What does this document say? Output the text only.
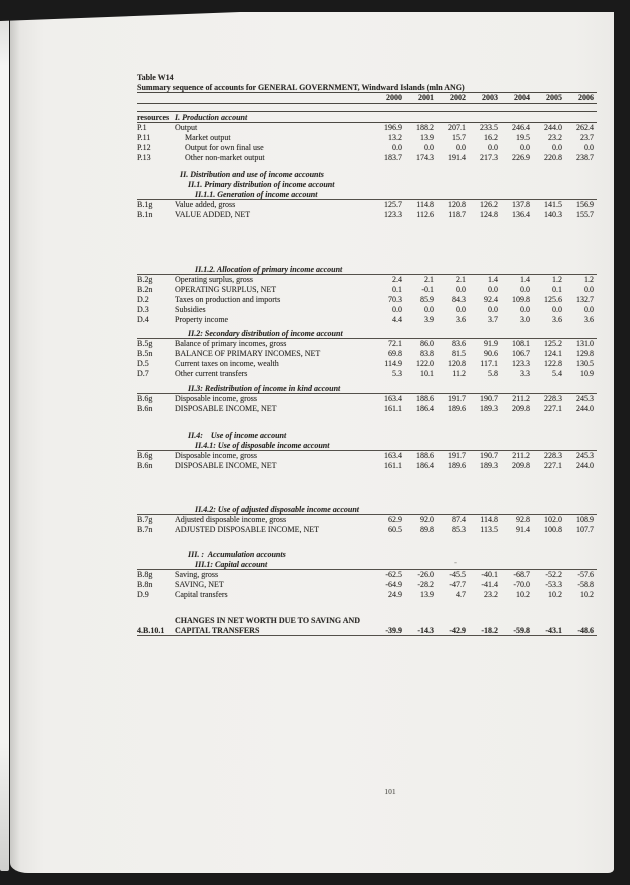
Table W14
Summary sequence of accounts for GENERAL GOVERNMENT, Windward Islands (mln ANG)
2000	2001	2002	2003	2004	2005	2006
resources I. Production account
P.1	Output	196.9	188.2	207.1	233.5	246.4	244.0	262.4
P.11	Market output	13.2	13.9	15.7	16.2	19.5	23.2	23.7
P.12	Output for own final use	0.0	0.0	0.0	0.0	0.0	0.0	0.0
P.13	Other non-market output	183.7	174.3	191.4	217.3	226.9	220.8	238.7
II. Distribution and use of income accounts
II.1. Primary distribution of income account
II.1.1. Generation of income account
B.1g	Value added, gross	125.7	114.8	120.8	126.2	137.8	141.5	156.9
B.1n	VALUE ADDED, NET	123.3	112.6	118.7	124.8	136.4	140.3	155.7
II.1.2. Allocation of primary income account
B.2g	Operating surplus, gross	2.4	2.1	2.1	1.4	1.4	1.2	1.2
B.2n	OPERATING SURPLUS, NET	0.1	-0.1	0.0	0.0	0.0	0.1	0.0
D.2	Taxes on production and imports	70.3	85.9	84.3	92.4	109.8	125.6	132.7
D.3	Subsidies	0.0	0.0	0.0	0.0	0.0	0.0	0.0
D.4	Property income	4.4	3.9	3.6	3.7	3.0	3.6	3.6
II.2: Secondary distribution of income account
B.5g	Balance of primary incomes, gross	72.1	86.0	83.6	91.9	108.1	125.2	131.0
B.5n	BALANCE OF PRIMARY INCOMES, NET	69.8	83.8	81.5	90.6	106.7	124.1	129.8
D.5	Current taxes on income, wealth	114.9	122.0	120.8	117.1	123.3	122.8	130.5
D.7	Other current transfers	5.3	10.1	11.2	5.8	3.3	5.4	10.9
II.3: Redistribution of income in kind account
B.6g	Disposable income, gross	163.4	188.6	191.7	190.7	211.2	228.3	245.3
B.6n	DISPOSABLE INCOME, NET	161.1	186.4	189.6	189.3	209.8	227.1	244.0
II.4:    Use of income account
II.4.1: Use of disposable income account
B.6g	Disposable income, gross	163.4	188.6	191.7	190.7	211.2	228.3	245.3
B.6n	DISPOSABLE INCOME, NET	161.1	186.4	189.6	189.3	209.8	227.1	244.0
II.4.2: Use of adjusted disposable income account
B.7g	Adjusted disposable income, gross	62.9	92.0	87.4	114.8	92.8	102.0	108.9
B.7n	ADJUSTED DISPOSABLE INCOME, NET	60.5	89.8	85.3	113.5	91.4	100.8	107.7
III. :  Accumulation accounts
III.1: Capital account
B.8g	Saving, gross	-62.5	-26.0	-45.5	-40.1	-68.7	-52.2	-57.6
B.8n	SAVING, NET	-64.9	-28.2	-47.7	-41.4	-70.0	-53.3	-58.8
D.9	Capital transfers	24.9	13.9	4.7	23.2	10.2	10.2	10.2
CHANGES IN NET WORTH DUE TO SAVING AND
4.B.10.1	CAPITAL TRANSFERS	-39.9	-14.3	-42.9	-18.2	-59.8	-43.1	-48.6
-
101
